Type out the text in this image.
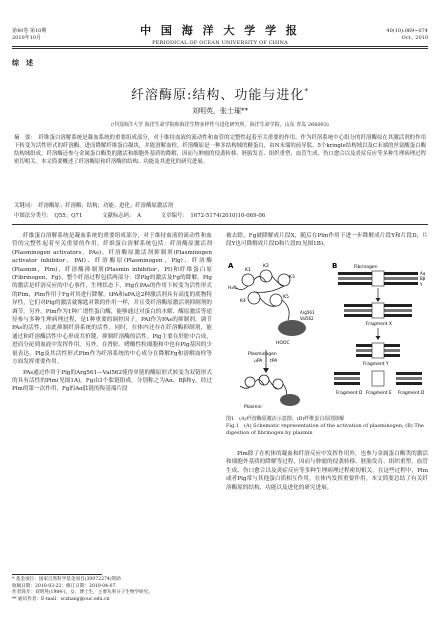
第40卷 第10期
2010年10月
中 国 海 洋 大 学 学 报
PERIODICAL OF OCEAN UNIVERSITY OF CHINA
40(10):069~074
Oct., 2010
综　述
纤溶酶原:结构、功能与进化*
刘明英，张士璀**
(中国海洋大学 海洋生命学院和海洋生物多样性与进化研究所，海洋生命学院，山东 青岛 266003)
摘　要：　纤维蛋白溶解系统是凝血系统的重要组成部分，对于维持血液的流动性和血管的完整性起着至关重要的作用。作为纤溶系统中心组分的纤溶酶原在其激活剂的作用下转变为活性形式的纤溶酶，进而降解纤维蛋白凝块，并能溶解血栓。纤溶酶原是一种多结构域的糖蛋白，由N末端的前导肽、5个kringle结构域以及C末端的丝氨酸蛋白酶结构域组成。纤溶酶还参与金属蛋白酶类的激活和细胞外基质的降解，因而与肿瘤的侵袭转移、胚胎发育、组织重塑、血管生成、伤口愈合以及炎症反应等多种生理病理过程密切相关。本文简要概述了纤溶酶原和纤溶酶的结构、功能及其进化的研究进展。
关键词：　纤溶酶原；纤溶酶；结构；功能；进化；纤溶酶原激活剂
中图法分类号：　Q55；Q71	文献标志码：　A	文章编号：　1672-5174(2010)10-069-06

纤维蛋白溶解系统是凝血系统的重要组成部分，对于维持血液的流动性和血管的完整性起着至关重要的作用。纤维蛋白溶解系统包括：纤溶酶原激活剂(Plasminogen activators，PAs)、纤溶酶原激活剂抑制剂(Plasminogen activator inhibitor，PAI)、纤溶酶原(Plasminogen，Plg)、纤溶酶(Plasmin，Plm)、纤溶酶抑制剂(Plasmin inhibitor，PI)和纤维蛋白原(Fibrinogen，Fg)。整个纤溶过程包括两部分：即Plg的激活及Fg的降解。Plg的激活是纤溶反应的中心事件，生理状态下，Plg在PAs的作用下转变为活性形式的Plm，Plm作用于Fg对其进行降解。tPA和uPA这2种激活剂具有高度的底物特异性，它们对Plg的激活就像匙对锁的作用一样，并且受纤溶酶原激活剂抑制剂的调节。另外，Plm作为1种广谱性蛋白酶，能够通过对蛋白的水解、酶原激活等途径参与多种生理病理过程，是1种重要的调控因子。PAI作为PAs的抑制剂，调节PAs的活性，由此抑制纤溶系统的活性。同时，在体内还存在纤溶酶抑制剂，能通过和纤溶酶活性中心形成共价键，抑制纤溶酶的活性。Plg主要在肝脏中合成，进而分泌到血液中发挥作用。另外，在肾脏、嗜酸性粒细胞和中也有Plg基因的少量表达。Plg及其活性形式Plm作为纤溶系统的中心成分在降解Fg和溶解血栓等方面发挥重要作用。

PAs通过作用于Plg的Arg561—Val562使得单链的酶原形式转变为双链形式的具有活性的Plm(见图1A)。Fg由3个肽链组成，分别称之为Aα、Bβ和γ。经过Plm的第一次作用，Fg的Aα肽链的羧基端片段

被去除，Fg被降解成片段X，随后在Plm作用下进一步降解成片段Y和片段D，片段Y也可降解成片段D和片段E(见图1B)。
A
K1
K2
K3
K4
K5
H₂N
HOOC
Arg561
Val562
uPA tPA
Plasminogen
Plasmin
B	Fibrinogen
Aα
Bβ
γ
Fragment X
Fragment Y
Fragment D Fragment E Fragment D
图1　(A)纤溶酶原激活示意图；(B)纤维蛋白原的降解
Fig.1　(A) Schematic representation of the activation of plasminogen; (B) The digestion of fibrinogen by plasmin

Plm除了在机体的凝血和纤溶反应中发挥作用外，也参与金属蛋白酶类的激活和细胞外基质的降解等过程，因而与肿瘤的侵袭转移、胚胎发育、组织重塑、血管生成、伤口愈合以及炎症反应等多种生理病理过程密切相关。在这些过程中，Plm或者Plg常与其他蛋白质相互作用，在体内发挥重要作用。本文简要总结了有关纤溶酶原的结构、功能以及进化的研究进展。

* 基金项目：国家自然科学基金项目(30972274)资助
收稿日期：2010-03-22；修订日期：2010-04-07
作者简介：刘明英(1984-)，女，博士生，主要从事分子生物学研究。
** 通讯作者：E-mail：sczhang@ouc.edu.cn
